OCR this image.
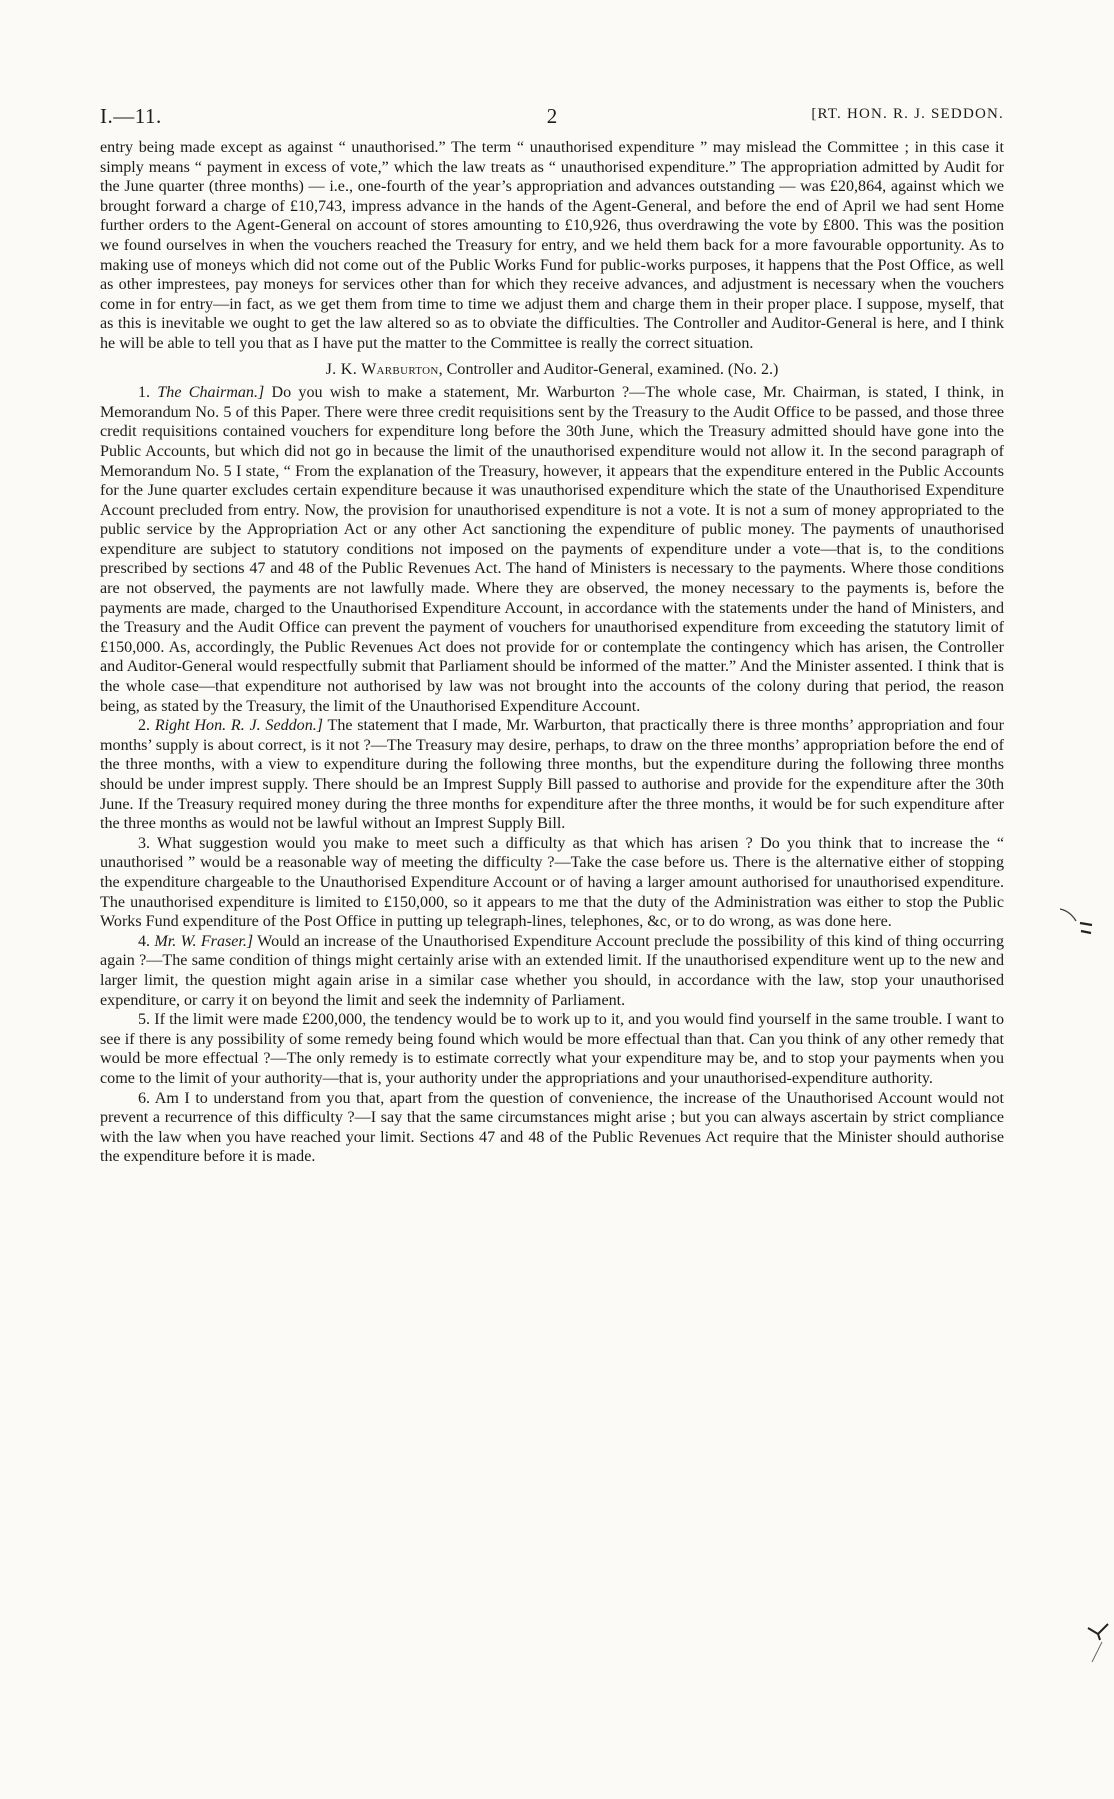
I.—11.	2	[RT. HON. R. J. SEDDON.

entry being made except as against “ unauthorised.” The term “ unauthorised expenditure ” may mislead the Committee ; in this case it simply means “ payment in excess of vote,” which the law treats as “ unauthorised expenditure.” The appropriation admitted by Audit for the June quarter (three months) — i.e., one-fourth of the year’s appropriation and advances outstanding — was £20,864, against which we brought forward a charge of £10,743, impress advance in the hands of the Agent-General, and before the end of April we had sent Home further orders to the Agent-General on account of stores amounting to £10,926, thus overdrawing the vote by £800. This was the position we found ourselves in when the vouchers reached the Treasury for entry, and we held them back for a more favourable opportunity. As to making use of moneys which did not come out of the Public Works Fund for public-works purposes, it happens that the Post Office, as well as other imprestees, pay moneys for services other than for which they receive advances, and adjustment is necessary when the vouchers come in for entry—in fact, as we get them from time to time we adjust them and charge them in their proper place. I suppose, myself, that as this is inevitable we ought to get the law altered so as to obviate the difficulties. The Controller and Auditor-General is here, and I think he will be able to tell you that as I have put the matter to the Committee is really the correct situation.

J. K. Warburton, Controller and Auditor-General, examined. (No. 2.)

1. The Chairman.] Do you wish to make a statement, Mr. Warburton ?—The whole case, Mr. Chairman, is stated, I think, in Memorandum No. 5 of this Paper. There were three credit requisitions sent by the Treasury to the Audit Office to be passed, and those three credit requisitions contained vouchers for expenditure long before the 30th June, which the Treasury admitted should have gone into the Public Accounts, but which did not go in because the limit of the unauthorised expenditure would not allow it. In the second paragraph of Memorandum No. 5 I state, “ From the explanation of the Treasury, however, it appears that the expenditure entered in the Public Accounts for the June quarter excludes certain expenditure because it was unauthorised expenditure which the state of the Unauthorised Expenditure Account precluded from entry. Now, the provision for unauthorised expenditure is not a vote. It is not a sum of money appropriated to the public service by the Appropriation Act or any other Act sanctioning the expenditure of public money. The payments of unauthorised expenditure are subject to statutory conditions not imposed on the payments of expenditure under a vote—that is, to the conditions prescribed by sections 47 and 48 of the Public Revenues Act. The hand of Ministers is necessary to the payments. Where those conditions are not observed, the payments are not lawfully made. Where they are observed, the money necessary to the payments is, before the payments are made, charged to the Unauthorised Expenditure Account, in accordance with the statements under the hand of Ministers, and the Treasury and the Audit Office can prevent the payment of vouchers for unauthorised expenditure from exceeding the statutory limit of £150,000. As, accordingly, the Public Revenues Act does not provide for or contemplate the contingency which has arisen, the Controller and Auditor-General would respectfully submit that Parliament should be informed of the matter.” And the Minister assented. I think that is the whole case—that expenditure not authorised by law was not brought into the accounts of the colony during that period, the reason being, as stated by the Treasury, the limit of the Unauthorised Expenditure Account.

2. Right Hon. R. J. Seddon.] The statement that I made, Mr. Warburton, that practically there is three months’ appropriation and four months’ supply is about correct, is it not ?—The Treasury may desire, perhaps, to draw on the three months’ appropriation before the end of the three months, with a view to expenditure during the following three months, but the expenditure during the following three months should be under imprest supply. There should be an Imprest Supply Bill passed to authorise and provide for the expenditure after the 30th June. If the Treasury required money during the three months for expenditure after the three months, it would be for such expenditure after the three months as would not be lawful without an Imprest Supply Bill.

3. What suggestion would you make to meet such a difficulty as that which has arisen ? Do you think that to increase the “ unauthorised ” would be a reasonable way of meeting the difficulty ?—Take the case before us. There is the alternative either of stopping the expenditure chargeable to the Unauthorised Expenditure Account or of having a larger amount authorised for unauthorised expenditure. The unauthorised expenditure is limited to £150,000, so it appears to me that the duty of the Administration was either to stop the Public Works Fund expenditure of the Post Office in putting up telegraph-lines, telephones, &c, or to do wrong, as was done here.

4. Mr. W. Fraser.] Would an increase of the Unauthorised Expenditure Account preclude the possibility of this kind of thing occurring again ?—The same condition of things might certainly arise with an extended limit. If the unauthorised expenditure went up to the new and larger limit, the question might again arise in a similar case whether you should, in accordance with the law, stop your unauthorised expenditure, or carry it on beyond the limit and seek the indemnity of Parliament.

5. If the limit were made £200,000, the tendency would be to work up to it, and you would find yourself in the same trouble. I want to see if there is any possibility of some remedy being found which would be more effectual than that. Can you think of any other remedy that would be more effectual ?—The only remedy is to estimate correctly what your expenditure may be, and to stop your payments when you come to the limit of your authority—that is, your authority under the appropriations and your unauthorised-expenditure authority.

6. Am I to understand from you that, apart from the question of convenience, the increase of the Unauthorised Account would not prevent a recurrence of this difficulty ?—I say that the same circumstances might arise ; but you can always ascertain by strict compliance with the law when you have reached your limit. Sections 47 and 48 of the Public Revenues Act require that the Minister should authorise the expenditure before it is made.
